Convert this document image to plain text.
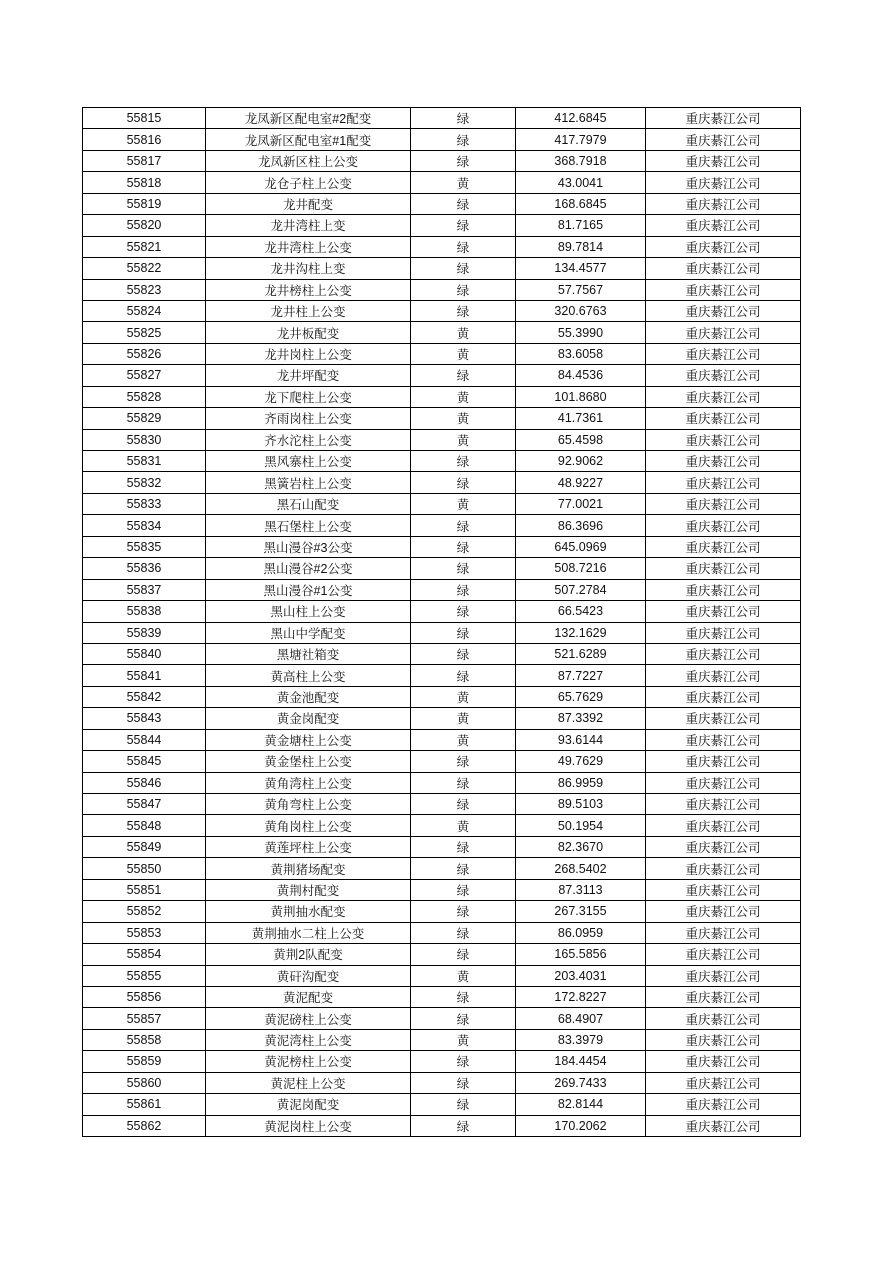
55815	龙凤新区配电室#2配变	绿	412.6845	重庆綦江公司
55816	龙凤新区配电室#1配变	绿	417.7979	重庆綦江公司
55817	龙凤新区柱上公变	绿	368.7918	重庆綦江公司
55818	龙仓子柱上公变	黄	43.0041	重庆綦江公司
55819	龙井配变	绿	168.6845	重庆綦江公司
55820	龙井湾柱上变	绿	81.7165	重庆綦江公司
55821	龙井湾柱上公变	绿	89.7814	重庆綦江公司
55822	龙井沟柱上变	绿	134.4577	重庆綦江公司
55823	龙井榜柱上公变	绿	57.7567	重庆綦江公司
55824	龙井柱上公变	绿	320.6763	重庆綦江公司
55825	龙井板配变	黄	55.3990	重庆綦江公司
55826	龙井岗柱上公变	黄	83.6058	重庆綦江公司
55827	龙井坪配变	绿	84.4536	重庆綦江公司
55828	龙下爬柱上公变	黄	101.8680	重庆綦江公司
55829	齐雨岗柱上公变	黄	41.7361	重庆綦江公司
55830	齐水沱柱上公变	黄	65.4598	重庆綦江公司
55831	黑风寨柱上公变	绿	92.9062	重庆綦江公司
55832	黑簧岩柱上公变	绿	48.9227	重庆綦江公司
55833	黑石山配变	黄	77.0021	重庆綦江公司
55834	黑石堡柱上公变	绿	86.3696	重庆綦江公司
55835	黑山漫谷#3公变	绿	645.0969	重庆綦江公司
55836	黑山漫谷#2公变	绿	508.7216	重庆綦江公司
55837	黑山漫谷#1公变	绿	507.2784	重庆綦江公司
55838	黑山柱上公变	绿	66.5423	重庆綦江公司
55839	黑山中学配变	绿	132.1629	重庆綦江公司
55840	黑塘社箱变	绿	521.6289	重庆綦江公司
55841	黄高柱上公变	绿	87.7227	重庆綦江公司
55842	黄金池配变	黄	65.7629	重庆綦江公司
55843	黄金岗配变	黄	87.3392	重庆綦江公司
55844	黄金塘柱上公变	黄	93.6144	重庆綦江公司
55845	黄金堡柱上公变	绿	49.7629	重庆綦江公司
55846	黄角湾柱上公变	绿	86.9959	重庆綦江公司
55847	黄角弯柱上公变	绿	89.5103	重庆綦江公司
55848	黄角岗柱上公变	黄	50.1954	重庆綦江公司
55849	黄莲坪柱上公变	绿	82.3670	重庆綦江公司
55850	黄荆猪场配变	绿	268.5402	重庆綦江公司
55851	黄荆村配变	绿	87.3113	重庆綦江公司
55852	黄荆抽水配变	绿	267.3155	重庆綦江公司
55853	黄荆抽水二柱上公变	绿	86.0959	重庆綦江公司
55854	黄荆2队配变	绿	165.5856	重庆綦江公司
55855	黄矸沟配变	黄	203.4031	重庆綦江公司
55856	黄泥配变	绿	172.8227	重庆綦江公司
55857	黄泥磅柱上公变	绿	68.4907	重庆綦江公司
55858	黄泥湾柱上公变	黄	83.3979	重庆綦江公司
55859	黄泥榜柱上公变	绿	184.4454	重庆綦江公司
55860	黄泥柱上公变	绿	269.7433	重庆綦江公司
55861	黄泥岗配变	绿	82.8144	重庆綦江公司
55862	黄泥岗柱上公变	绿	170.2062	重庆綦江公司
